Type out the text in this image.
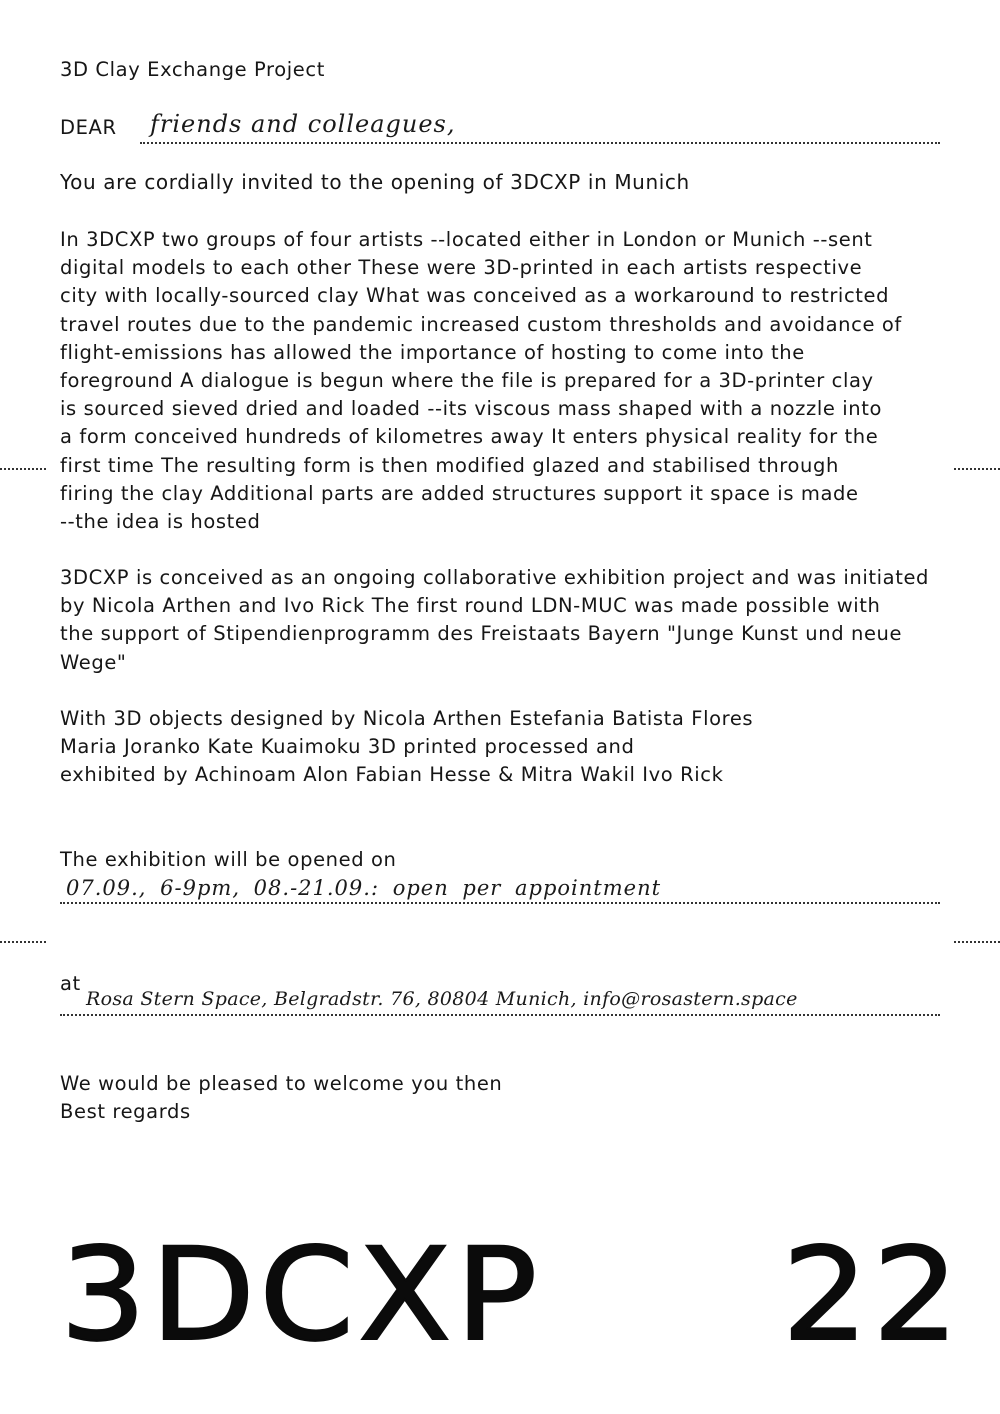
3D Clay Exchange Project
DEAR friends and colleagues,
You are cordially invited to the opening of 3DCXP in Munich

In 3DCXP two groups of four artists --located either in London or Munich --sent
digital models to each other These were 3D-printed in each artists respective
city with locally-sourced clay What was conceived as a workaround to restricted
travel routes due to the pandemic increased custom thresholds and avoidance of
flight-emissions has allowed the importance of hosting to come into the
foreground A dialogue is begun where the file is prepared for a 3D-printer clay
is sourced sieved dried and loaded --its viscous mass shaped with a nozzle into
a form conceived hundreds of kilometres away It enters physical reality for the
first time The resulting form is then modified glazed and stabilised through
firing the clay Additional parts are added structures support it space is made
--the idea is hosted

3DCXP is conceived as an ongoing collaborative exhibition project and was initiated
by Nicola Arthen and Ivo Rick The first round LDN-MUC was made possible with
the support of Stipendienprogramm des Freistaats Bayern "Junge Kunst und neue
Wege"

With 3D objects designed by Nicola Arthen Estefania Batista Flores
Maria Joranko Kate Kuaimoku 3D printed processed and
exhibited by Achinoam Alon Fabian Hesse & Mitra Wakil Ivo Rick

The exhibition will be opened on
07.09., 6-9pm, 08.-21.09.: open per appointment
at
Rosa Stern Space, Belgradstr. 76, 80804 Munich, info@rosastern.space
We would be pleased to welcome you then
Best regards
3DCXP 22
